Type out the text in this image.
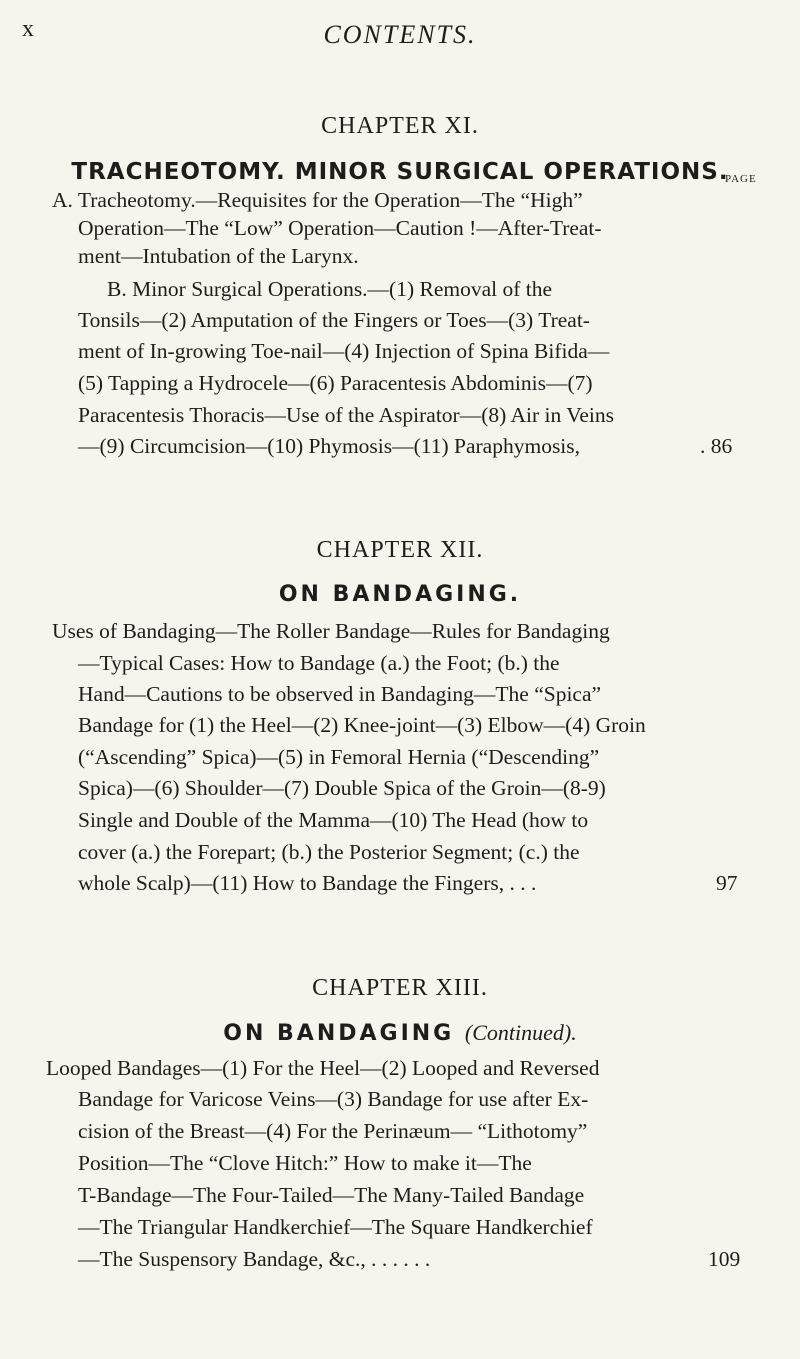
x	CONTENTS.
CHAPTER XI.
TRACHEOTOMY. MINOR SURGICAL OPERATIONS.
PAGE
A. Tracheotomy.—Requisites for the Operation—The “High”
Operation—The “Low” Operation—Caution !—After-Treat-
ment—Intubation of the Larynx.
B. Minor Surgical Operations.—(1) Removal of the
Tonsils—(2) Amputation of the Fingers or Toes—(3) Treat-
ment of In-growing Toe-nail—(4) Injection of Spina Bifida—
(5) Tapping a Hydrocele—(6) Paracentesis Abdominis—(7)
Paracentesis Thoracis—Use of the Aspirator—(8) Air in Veins
—(9) Circumcision—(10) Phymosis—(11) Paraphymosis,	. 86
CHAPTER XII.
ON BANDAGING.
Uses of Bandaging—The Roller Bandage—Rules for Bandaging
—Typical Cases: How to Bandage (a.) the Foot; (b.) the
Hand—Cautions to be observed in Bandaging—The “Spica”
Bandage for (1) the Heel—(2) Knee-joint—(3) Elbow—(4) Groin
(“Ascending” Spica)—(5) in Femoral Hernia (“Descending”
Spica)—(6) Shoulder—(7) Double Spica of the Groin—(8-9)
Single and Double of the Mamma—(10) The Head (how to
cover (a.) the Forepart; (b.) the Posterior Segment; (c.) the
whole Scalp)—(11) How to Bandage the Fingers, . . .	97
CHAPTER XIII.
ON BANDAGING (Continued).
Looped Bandages—(1) For the Heel—(2) Looped and Reversed
Bandage for Varicose Veins—(3) Bandage for use after Ex-
cision of the Breast—(4) For the Perinæum— “Lithotomy”
Position—The “Clove Hitch:” How to make it—The
T-Bandage—The Four-Tailed—The Many-Tailed Bandage
—The Triangular Handkerchief—The Square Handkerchief
—The Suspensory Bandage, &c., . . . . . .	109
